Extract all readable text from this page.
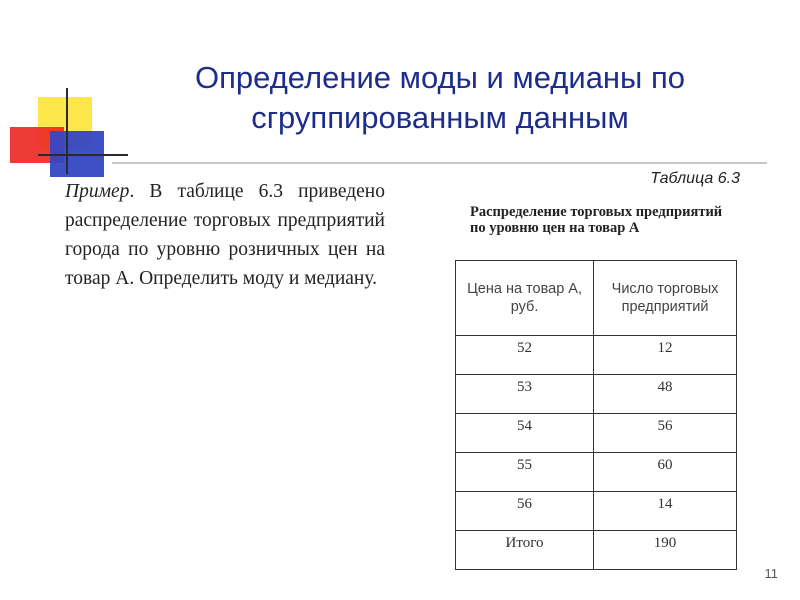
Определение моды и медианы по
сгруппированным данным

Пример. В таблице 6.3 приведено распределение торговых предприятий города по уровню розничных цен на товар А. Определить моду и медиану.

Таблица 6.3
Распределение торговых предприятий по уровню цен на товар А
Цена на товар А, руб.	Число торговых предприятий
52	12
53	48
54	56
55	60
56	14
Итого	190
11
